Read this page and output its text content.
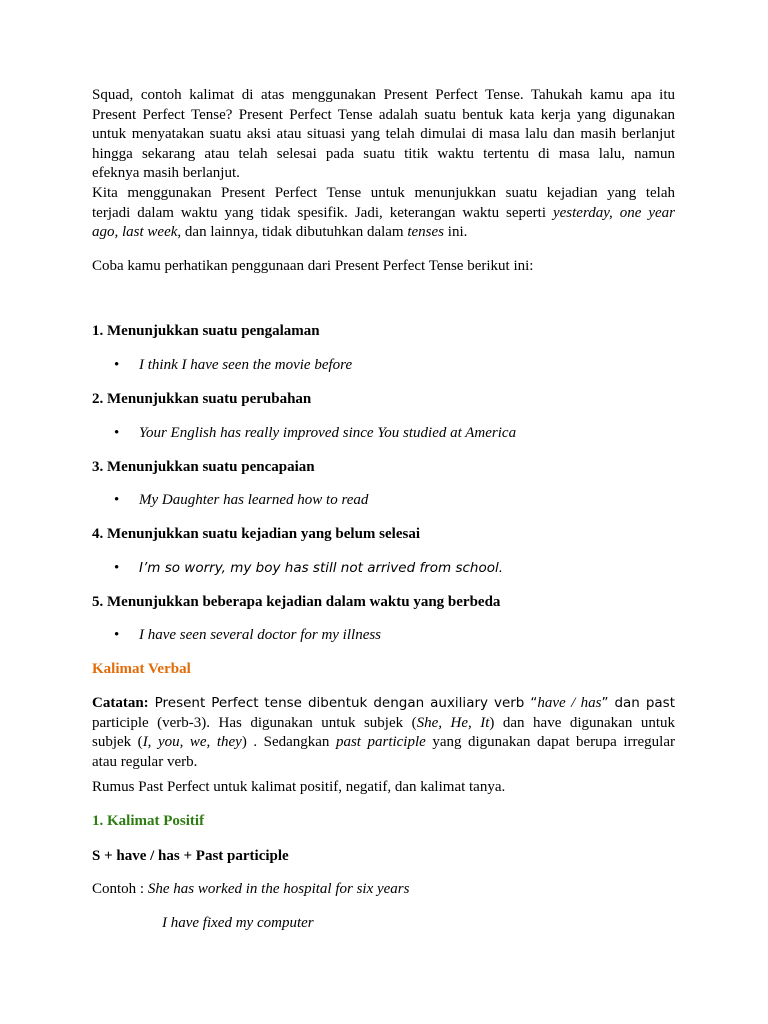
Squad, contoh kalimat di atas menggunakan Present Perfect Tense. Tahukah kamu apa itu
Present Perfect Tense? Present Perfect Tense adalah suatu bentuk kata kerja yang digunakan
untuk menyatakan suatu aksi atau situasi yang telah dimulai di masa lalu dan masih berlanjut
hingga sekarang atau telah selesai pada suatu titik waktu tertentu di masa lalu, namun
efeknya masih berlanjut.
Kita menggunakan Present Perfect Tense untuk menunjukkan suatu kejadian yang telah
terjadi dalam waktu yang tidak spesifik. Jadi, keterangan waktu seperti yesterday, one year
ago, last week, dan lainnya, tidak dibutuhkan dalam tenses ini.
Coba kamu perhatikan penggunaan dari Present Perfect Tense berikut ini:
1. Menunjukkan suatu pengalaman
• I think I have seen the movie before
2. Menunjukkan suatu perubahan
• Your English has really improved since You studied at America
3. Menunjukkan suatu pencapaian
• My Daughter has learned how to read
4. Menunjukkan suatu kejadian yang belum selesai
• I’m so worry, my boy has still not arrived from school.
5. Menunjukkan beberapa kejadian dalam waktu yang berbeda
• I have seen several doctor for my illness
Kalimat Verbal
Catatan: Present Perfect tense dibentuk dengan auxiliary verb “have / has” dan past
participle (verb-3). Has digunakan untuk subjek (She, He, It) dan have digunakan untuk
subjek (I, you, we, they) . Sedangkan past participle yang digunakan dapat berupa irregular
atau regular verb.
Rumus Past Perfect untuk kalimat positif, negatif, dan kalimat tanya.
1. Kalimat Positif
S + have / has + Past participle
Contoh : She has worked in the hospital for six years
I have fixed my computer
